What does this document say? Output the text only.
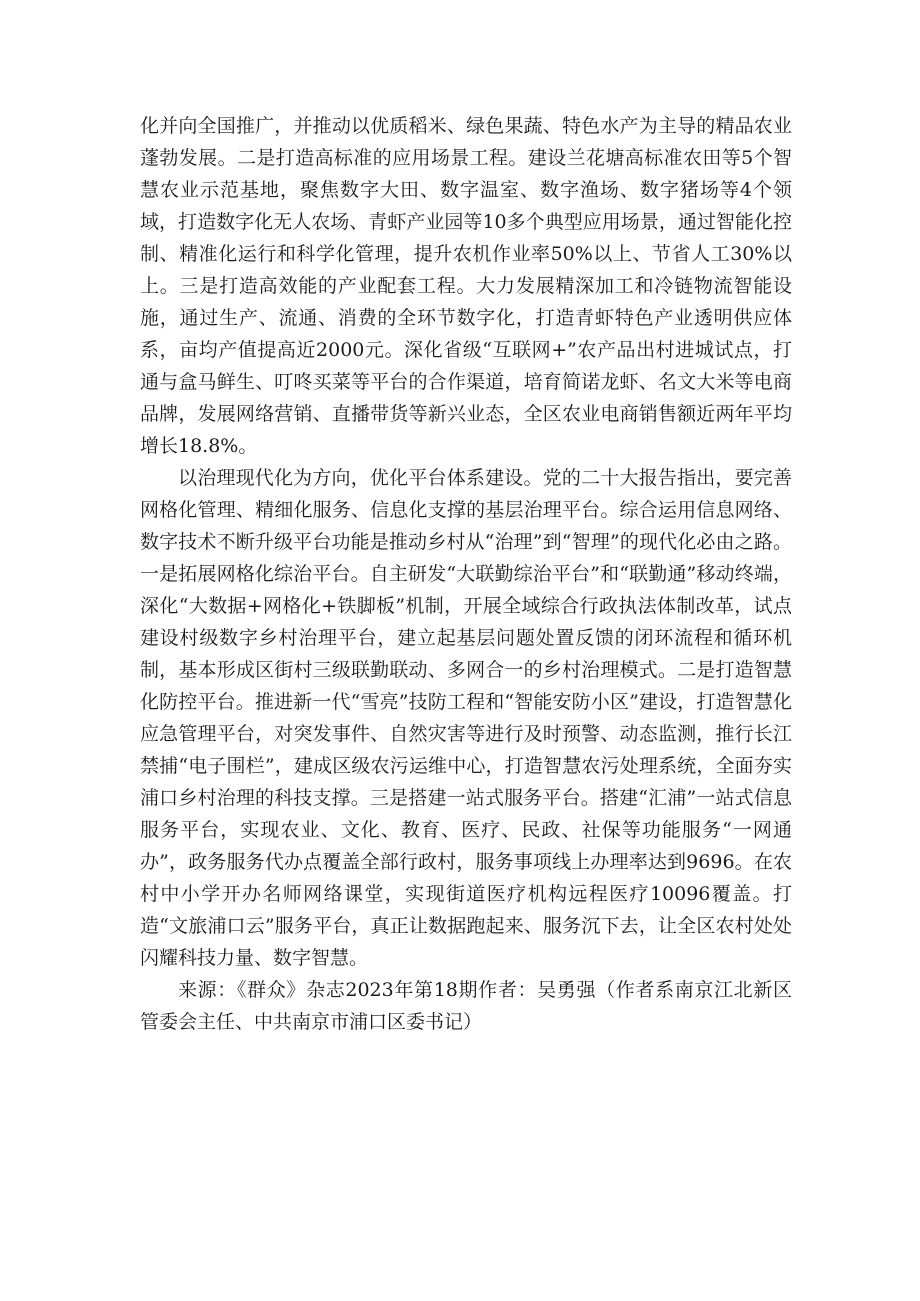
化并向全国推广，并推动以优质稻米、绿色果蔬、特色水产为主导的精品农业蓬勃发展。二是打造高标准的应用场景工程。建设兰花塘高标准农田等5个智慧农业示范基地，聚焦数字大田、数字温室、数字渔场、数字猪场等4个领域，打造数字化无人农场、青虾产业园等10多个典型应用场景，通过智能化控制、精准化运行和科学化管理，提升农机作业率50%以上、节省人工30%以上。三是打造高效能的产业配套工程。大力发展精深加工和冷链物流智能设施，通过生产、流通、消费的全环节数字化，打造青虾特色产业透明供应体系，亩均产值提高近2000元。深化省级“互联网+”农产品出村进城试点，打通与盒马鲜生、叮咚买菜等平台的合作渠道，培育简诺龙虾、名文大米等电商品牌，发展网络营销、直播带货等新兴业态，全区农业电商销售额近两年平均增长18.8%。

以治理现代化为方向，优化平台体系建设。党的二十大报告指出，要完善网格化管理、精细化服务、信息化支撑的基层治理平台。综合运用信息网络、数字技术不断升级平台功能是推动乡村从“治理”到“智理”的现代化必由之路。一是拓展网格化综治平台。自主研发“大联勤综治平台”和“联勤通”移动终端，深化“大数据+网格化+铁脚板”机制，开展全域综合行政执法体制改革，试点建设村级数字乡村治理平台，建立起基层问题处置反馈的闭环流程和循环机制，基本形成区街村三级联勤联动、多网合一的乡村治理模式。二是打造智慧化防控平台。推进新一代“雪亮”技防工程和“智能安防小区”建设，打造智慧化应急管理平台，对突发事件、自然灾害等进行及时预警、动态监测，推行长江禁捕“电子围栏”，建成区级农污运维中心，打造智慧农污处理系统，全面夯实浦口乡村治理的科技支撑。三是搭建一站式服务平台。搭建“汇浦”一站式信息服务平台，实现农业、文化、教育、医疗、民政、社保等功能服务“一网通办”，政务服务代办点覆盖全部行政村，服务事项线上办理率达到9696。在农村中小学开办名师网络课堂，实现街道医疗机构远程医疗10096覆盖。打造“文旅浦口云”服务平台，真正让数据跑起来、服务沉下去，让全区农村处处闪耀科技力量、数字智慧。

来源：《群众》杂志2023年第18期作者：吴勇强（作者系南京江北新区管委会主任、中共南京市浦口区委书记）
